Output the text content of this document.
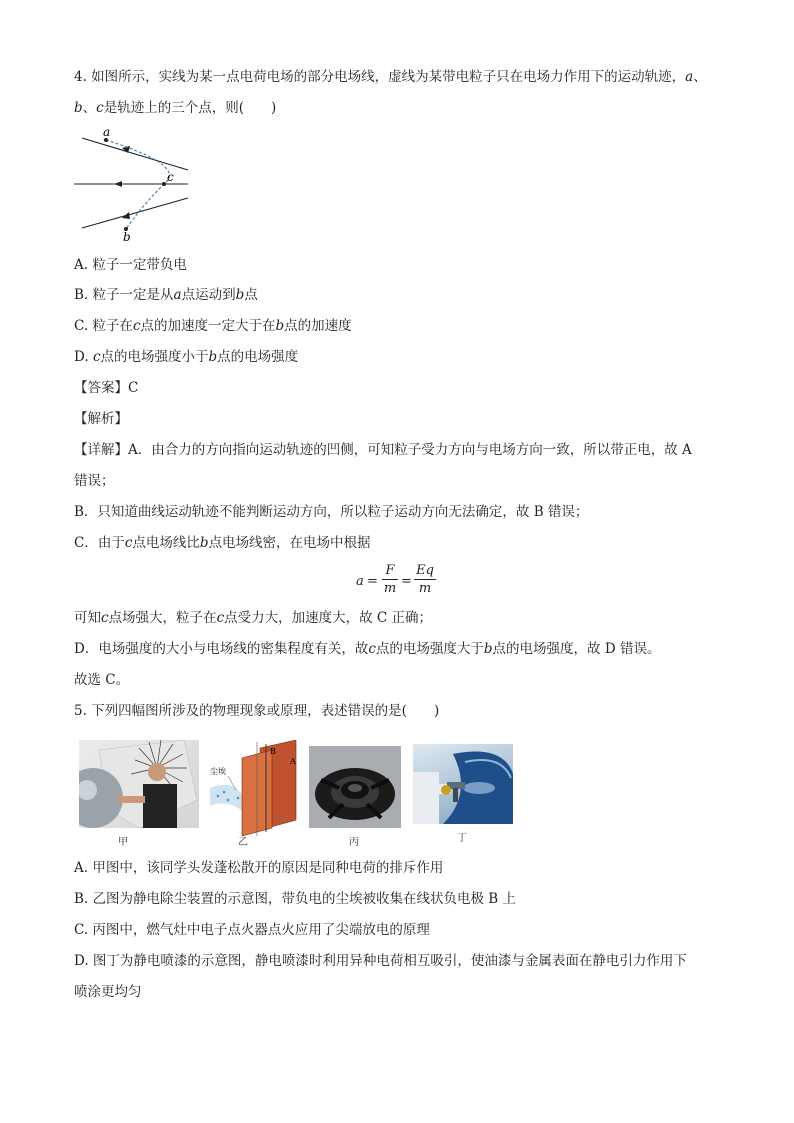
4. 如图所示，实线为某一点电荷电场的部分电场线，虚线为某带电粒子只在电场力作用下的运动轨迹，a、
b、c是轨迹上的三个点，则(　　)
a
c
b
A. 粒子一定带负电
B. 粒子一定是从a点运动到b点
C. 粒子在c点的加速度一定大于在b点的加速度
D. c点的电场强度小于b点的电场强度
【答案】C
【解析】
【详解】A．由合力的方向指向运动轨迹的凹侧，可知粒子受力方向与电场方向一致，所以带正电，故 A
错误；
B．只知道曲线运动轨迹不能判断运动方向，所以粒子运动方向无法确定，故 B 错误；
C．由于c点电场线比b点电场线密，在电场中根据
a =
F
m =
Eq
m
可知c点场强大，粒子在c点受力大，加速度大，故 C 正确；
D．电场强度的大小与电场线的密集程度有关，故c点的电场强度大于b点的电场强度，故 D 错误。
故选 C。
5. 下列四幅图所涉及的物理现象或原理，表述错误的是(　　)
甲
尘埃
A
B
乙	丙	丁
A. 甲图中，该同学头发蓬松散开的原因是同种电荷的排斥作用
B. 乙图为静电除尘装置的示意图，带负电的尘埃被收集在线状负电极 B 上
C. 丙图中，燃气灶中电子点火器点火应用了尖端放电的原理
D. 图丁为静电喷漆的示意图，静电喷漆时利用异种电荷相互吸引，使油漆与金属表面在静电引力作用下
喷涂更均匀
